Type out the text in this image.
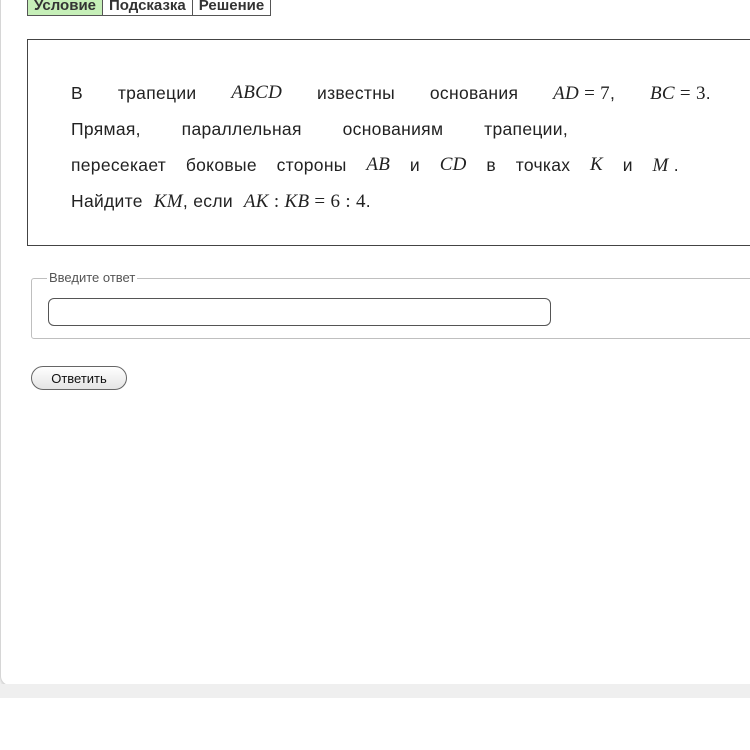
Условие Подсказка Решение
В трапеции ABCD известны основания AD = 7, BC = 3.
Прямая, параллельная основаниям трапеции,
пересекает боковые стороны AB и CD в точках K и M .
Найдите KM, если AK : KB = 6 : 4.
Введите ответ
Ответить
